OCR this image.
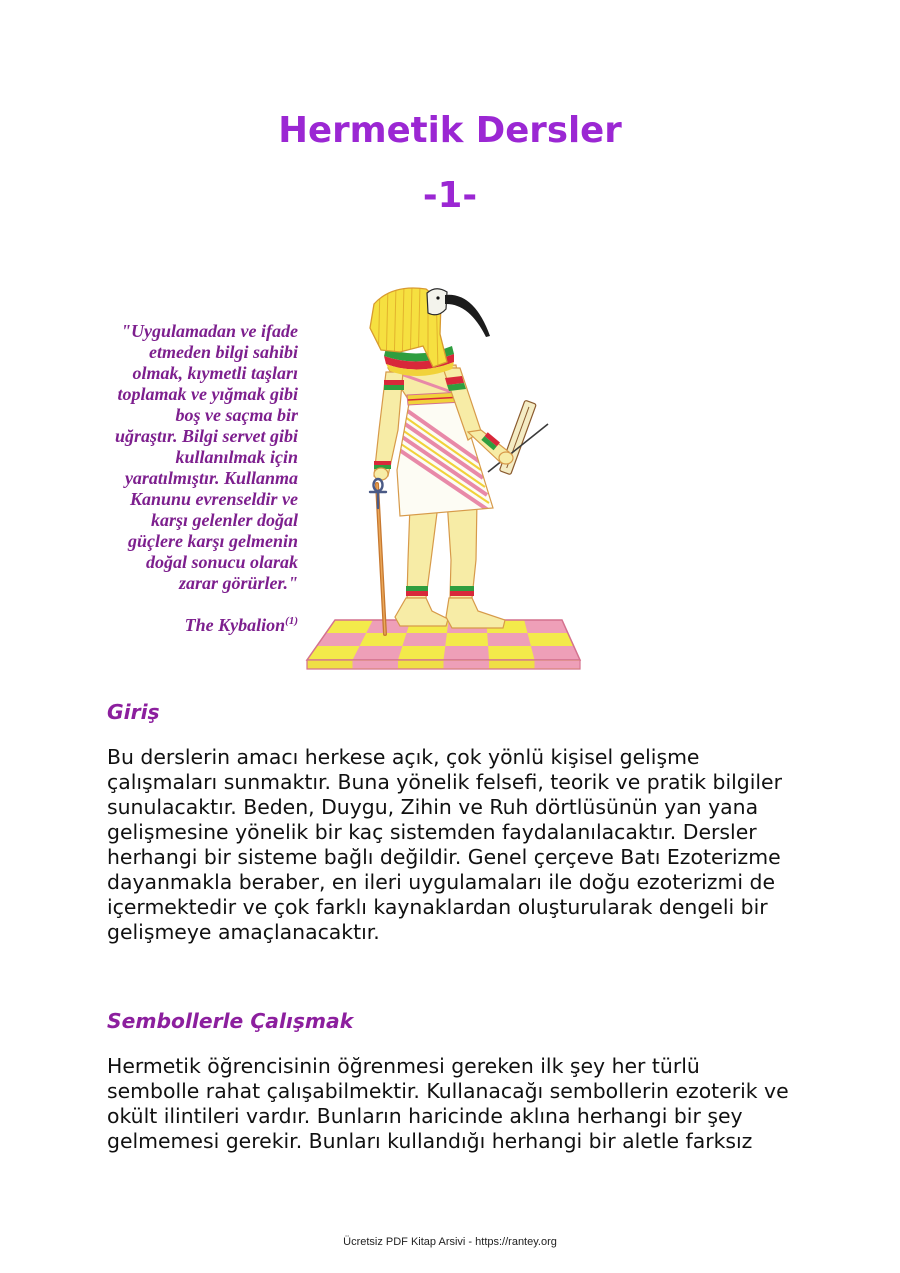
Hermetik Dersler
-1-
"Uygulamadan ve ifade
etmeden bilgi sahibi
olmak, kıymetli taşları
toplamak ve yığmak gibi
boş ve saçma bir
uğraştır. Bilgi servet gibi
kullanılmak için
yaratılmıştır. Kullanma
Kanunu evrenseldir ve
karşı gelenler doğal
güçlere karşı gelmenin
doğal sonucu olarak
zarar görürler."
The Kybalion$^{(1)}$
Giriş
Bu derslerin amacı herkese açık, çok yönlü kişisel gelişme
çalışmaları sunmaktır. Buna yönelik felsefi, teorik ve pratik bilgiler
sunulacaktır. Beden, Duygu, Zihin ve Ruh dörtlüsünün yan yana
gelişmesine yönelik bir kaç sistemden faydalanılacaktır. Dersler
herhangi bir sisteme bağlı değildir. Genel çerçeve Batı Ezoterizme
dayanmakla beraber, en ileri uygulamaları ile doğu ezoterizmi de
içermektedir ve çok farklı kaynaklardan oluşturularak dengeli bir
gelişmeye amaçlanacaktır.
Sembollerle Çalışmak
Hermetik öğrencisinin öğrenmesi gereken ilk şey her türlü
sembolle rahat çalışabilmektir. Kullanacağı sembollerin ezoterik ve
okült ilintileri vardır. Bunların haricinde aklına herhangi bir şey
gelmemesi gerekir. Bunları kullandığı herhangi bir aletle farksız
Ücretsiz PDF Kitap Arsivi - https://rantey.org
